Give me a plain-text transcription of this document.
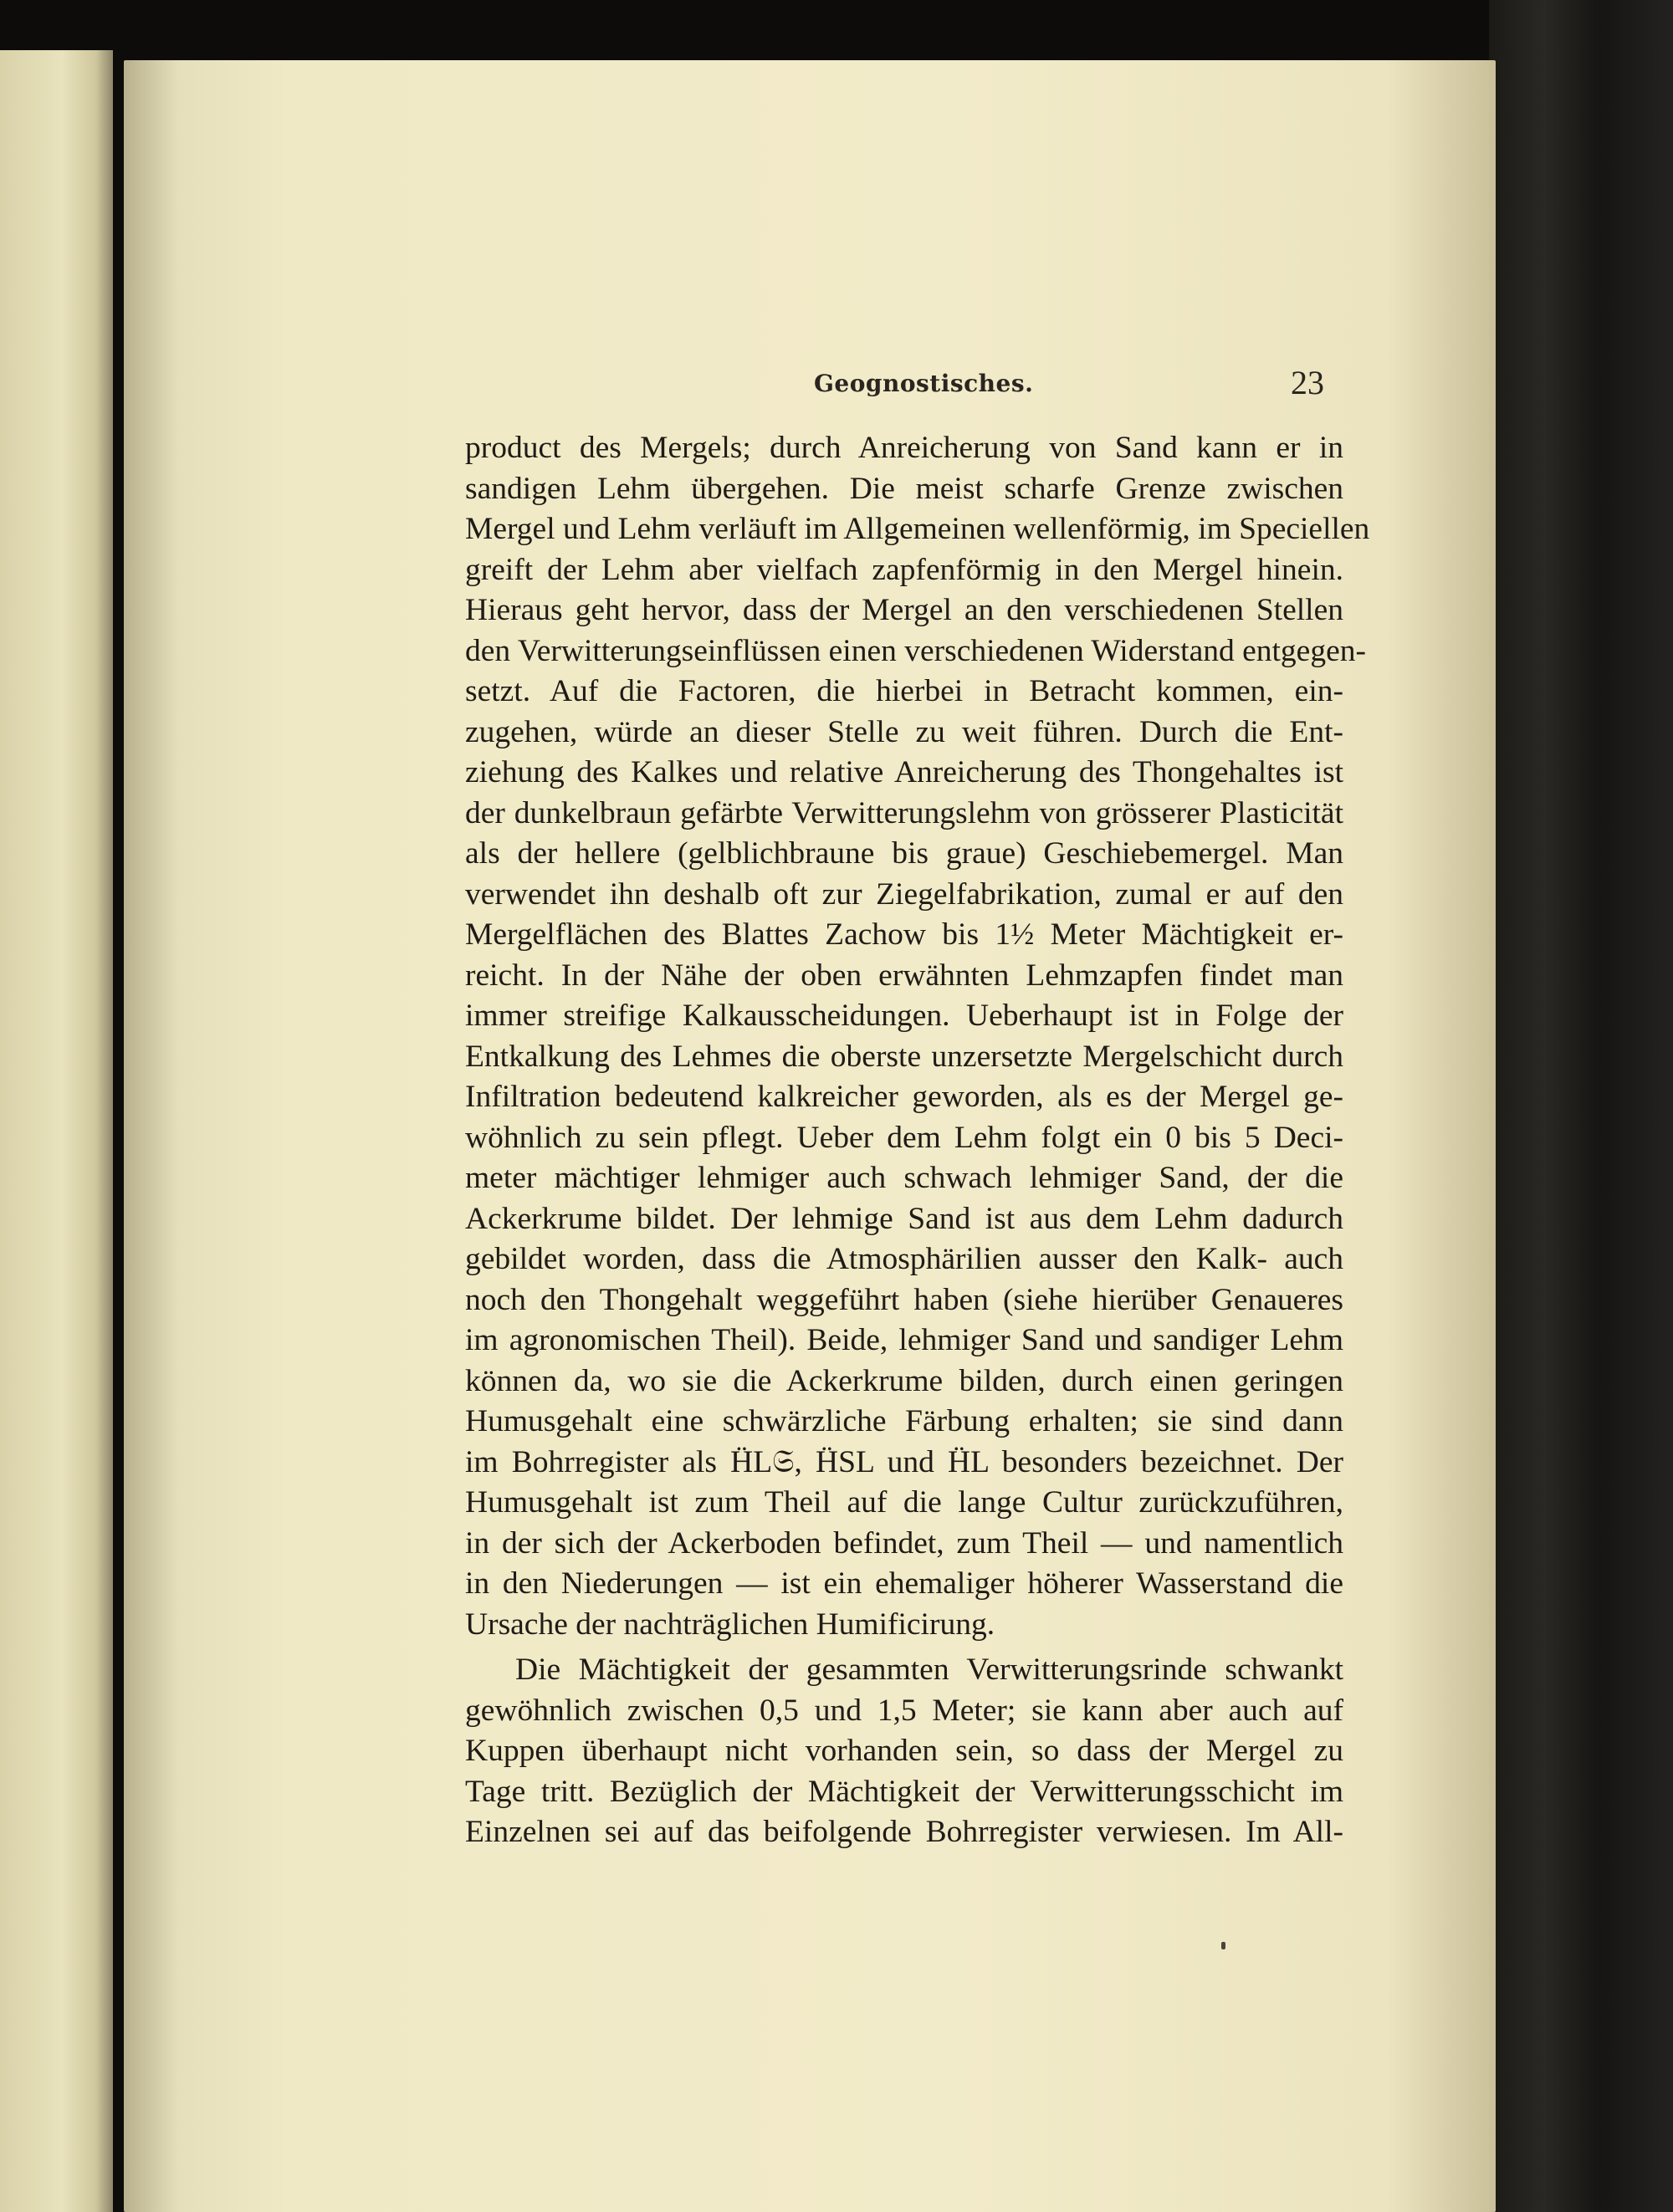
Geognostisches.	23

product des Mergels; durch Anreicherung von Sand kann er in
sandigen Lehm übergehen. Die meist scharfe Grenze zwischen
Mergel und Lehm verläuft im Allgemeinen wellenförmig, im Speciellen
greift der Lehm aber vielfach zapfenförmig in den Mergel hinein.
Hieraus geht hervor, dass der Mergel an den verschiedenen Stellen
den Verwitterungseinflüssen einen verschiedenen Widerstand entgegen-
setzt. Auf die Factoren, die hierbei in Betracht kommen, ein-
zugehen, würde an dieser Stelle zu weit führen. Durch die Ent-
ziehung des Kalkes und relative Anreicherung des Thongehaltes ist
der dunkelbraun gefärbte Verwitterungslehm von grösserer Plasticität
als der hellere (gelblichbraune bis graue) Geschiebemergel. Man
verwendet ihn deshalb oft zur Ziegelfabrikation, zumal er auf den
Mergelflächen des Blattes Zachow bis 1½ Meter Mächtigkeit er-
reicht. In der Nähe der oben erwähnten Lehmzapfen findet man
immer streifige Kalkausscheidungen. Ueberhaupt ist in Folge der
Entkalkung des Lehmes die oberste unzersetzte Mergelschicht durch
Infiltration bedeutend kalkreicher geworden, als es der Mergel ge-
wöhnlich zu sein pflegt. Ueber dem Lehm folgt ein 0 bis 5 Deci-
meter mächtiger lehmiger auch schwach lehmiger Sand, der die
Ackerkrume bildet. Der lehmige Sand ist aus dem Lehm dadurch
gebildet worden, dass die Atmosphärilien ausser den Kalk- auch
noch den Thongehalt weggeführt haben (siehe hierüber Genaueres
im agronomischen Theil). Beide, lehmiger Sand und sandiger Lehm
können da, wo sie die Ackerkrume bilden, durch einen geringen
Humusgehalt eine schwärzliche Färbung erhalten; sie sind dann
im Bohrregister als ḦL𝔖, ḦSL und ḦL besonders bezeichnet. Der
Humusgehalt ist zum Theil auf die lange Cultur zurückzuführen,
in der sich der Ackerboden befindet, zum Theil — und namentlich
in den Niederungen — ist ein ehemaliger höherer Wasserstand die
Ursache der nachträglichen Humificirung.

Die Mächtigkeit der gesammten Verwitterungsrinde schwankt
gewöhnlich zwischen 0,5 und 1,5 Meter; sie kann aber auch auf
Kuppen überhaupt nicht vorhanden sein, so dass der Mergel zu
Tage tritt. Bezüglich der Mächtigkeit der Verwitterungsschicht im
Einzelnen sei auf das beifolgende Bohrregister verwiesen. Im All-
